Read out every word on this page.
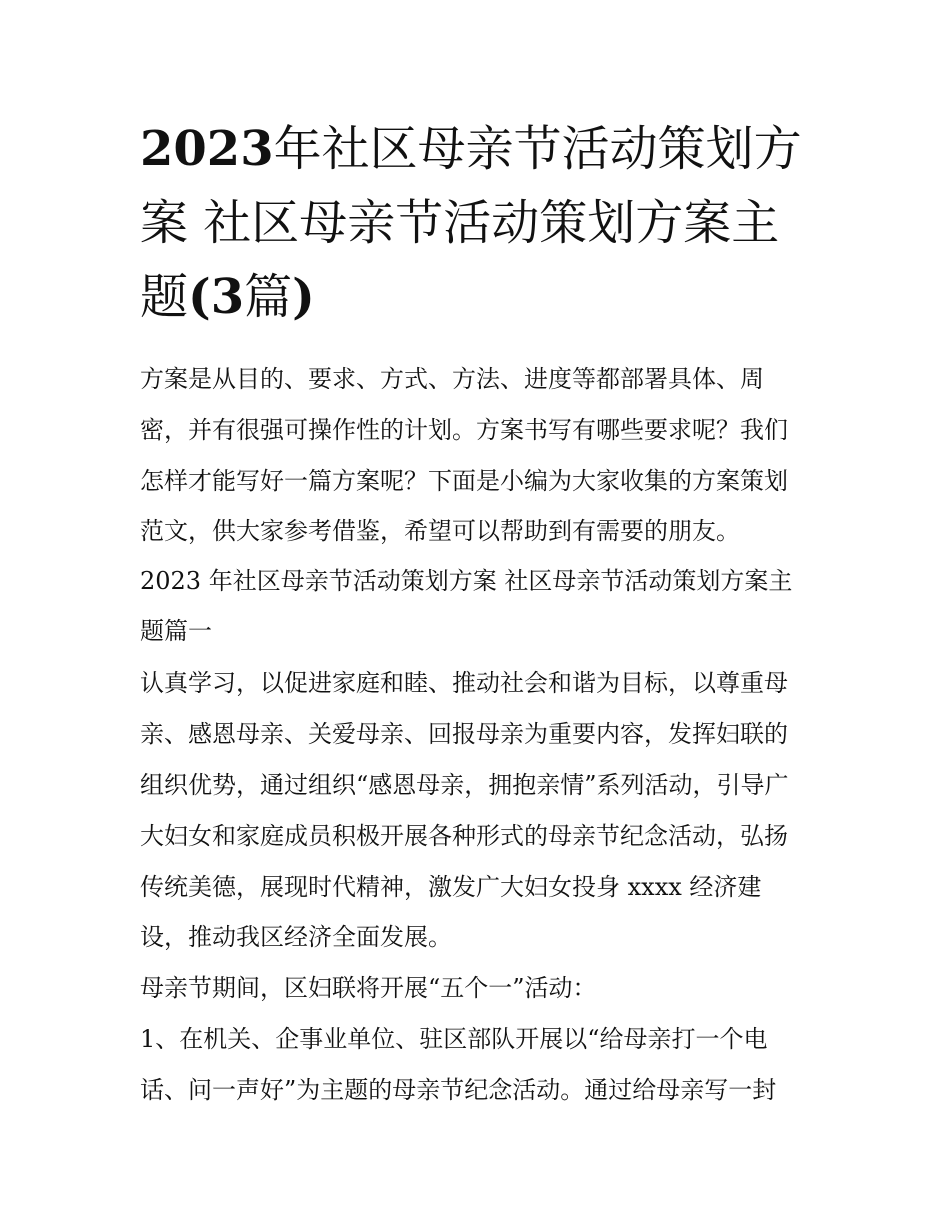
2023年社区母亲节活动策划方
案 社区母亲节活动策划方案主
题(3篇)

方案是从目的、要求、方式、方法、进度等都部署具体、周

密，并有很强可操作性的计划。方案书写有哪些要求呢？我们

怎样才能写好一篇方案呢？下面是小编为大家收集的方案策划

范文，供大家参考借鉴，希望可以帮助到有需要的朋友。

2023 年社区母亲节活动策划方案 社区母亲节活动策划方案主

题篇一

认真学习，以促进家庭和睦、推动社会和谐为目标，以尊重母

亲、感恩母亲、关爱母亲、回报母亲为重要内容，发挥妇联的

组织优势，通过组织“感恩母亲，拥抱亲情”系列活动，引导广

大妇女和家庭成员积极开展各种形式的母亲节纪念活动，弘扬

传统美德，展现时代精神，激发广大妇女投身 xxxx 经济建

设，推动我区经济全面发展。

母亲节期间，区妇联将开展“五个一”活动：

1、在机关、企事业单位、驻区部队开展以“给母亲打一个电

话、问一声好”为主题的母亲节纪念活动。通过给母亲写一封
